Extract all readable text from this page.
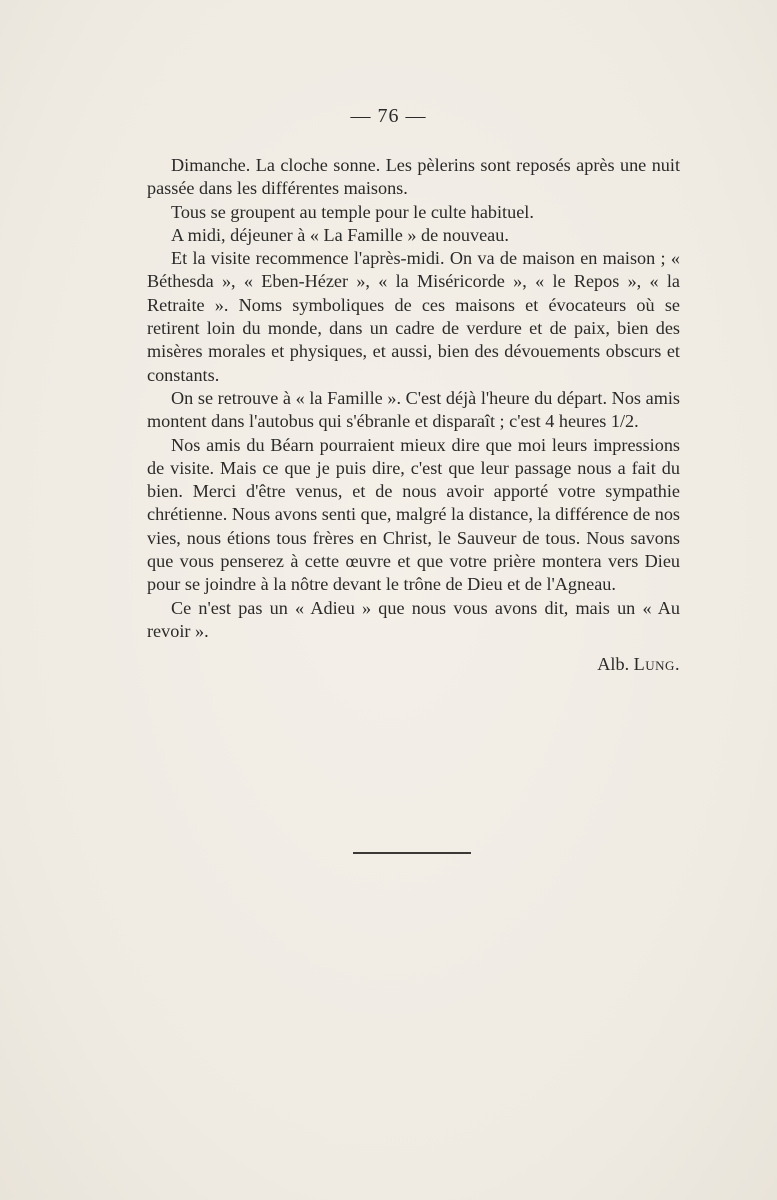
— 76 —

Dimanche. La cloche sonne. Les pèlerins sont reposés après une nuit passée dans les différentes maisons.

Tous se groupent au temple pour le culte habituel.

A midi, déjeuner à « La Famille » de nouveau.

Et la visite recommence l'après-midi. On va de maison en maison ; « Béthesda », « Eben-Hézer », « la Miséricorde », « le Repos », « la Retraite ». Noms symboliques de ces maisons et évocateurs où se retirent loin du monde, dans un cadre de verdure et de paix, bien des misères morales et physiques, et aussi, bien des dévouements obscurs et constants.

On se retrouve à « la Famille ». C'est déjà l'heure du départ. Nos amis montent dans l'autobus qui s'ébranle et disparaît ; c'est 4 heures 1/2.

Nos amis du Béarn pourraient mieux dire que moi leurs impressions de visite. Mais ce que je puis dire, c'est que leur passage nous a fait du bien. Merci d'être venus, et de nous avoir apporté votre sympathie chrétienne. Nous avons senti que, malgré la distance, la différence de nos vies, nous étions tous frères en Christ, le Sauveur de tous. Nous savons que vous penserez à cette œuvre et que votre prière montera vers Dieu pour se joindre à la nôtre devant le trône de Dieu et de l'Agneau.

Ce n'est pas un « Adieu » que nous vous avons dit, mais un « Au revoir ».

Alb. Lung.
